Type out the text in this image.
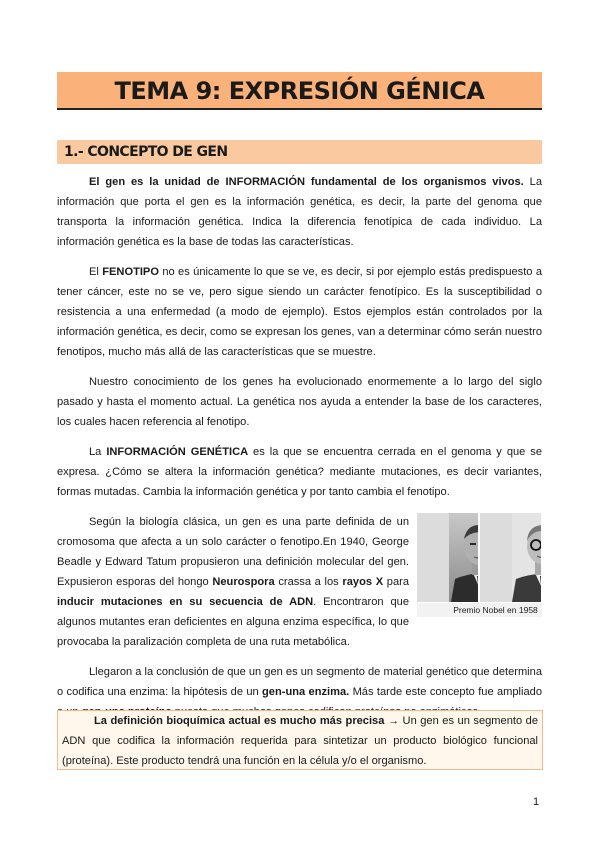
TEMA 9: EXPRESIÓN GÉNICA
1.- CONCEPTO DE GEN

El gen es la unidad de INFORMACIÓN fundamental de los organismos vivos. La información que porta el gen es la información genética, es decir, la parte del genoma que transporta la información genética. Indica la diferencia fenotípica de cada individuo. La información genética es la base de todas las características.

El FENOTIPO no es únicamente lo que se ve, es decir, si por ejemplo estás predispuesto a tener cáncer, este no se ve, pero sigue siendo un carácter fenotípico. Es la susceptibilidad o resistencia a una enfermedad (a modo de ejemplo). Estos ejemplos están controlados por la información genética, es decir, como se expresan los genes, van a determinar cómo serán nuestro fenotipos, mucho más allá de las características que se muestre.

Nuestro conocimiento de los genes ha evolucionado enormemente a lo largo del siglo pasado y hasta el momento actual. La genética nos ayuda a entender la base de los caracteres, los cuales hacen referencia al fenotipo.

La INFORMACIÓN GENÉTICA es la que se encuentra cerrada en el genoma y que se expresa. ¿Cómo se altera la información genética? mediante mutaciones, es decir variantes, formas mutadas. Cambia la información genética y por tanto cambia el fenotipo.

Premio Nobel en 1958
Según la biología clásica, un gen es una parte definida de un cromosoma que afecta a un solo carácter o fenotipo.En 1940, George Beadle y Edward Tatum propusieron una definición molecular del gen. Expusieron esporas del hongo Neurospora crassa a los rayos X para inducir mutaciones en su secuencia de ADN. Encontraron que algunos mutantes eran deficientes en alguna enzima específica, lo que provocaba la paralización completa de una ruta metabólica.

Llegaron a la conclusión de que un gen es un segmento de material genético que determina o codifica una enzima: la hipótesis de un gen-una enzima. Más tarde este concepto fue ampliado

La definición bioquímica actual es mucho más precisa → Un gen es un segmento de ADN que codifica la información requerida para sintetizar un producto biológico funcional (proteína). Este producto tendrá una función en la célula y/o el organismo.
1
